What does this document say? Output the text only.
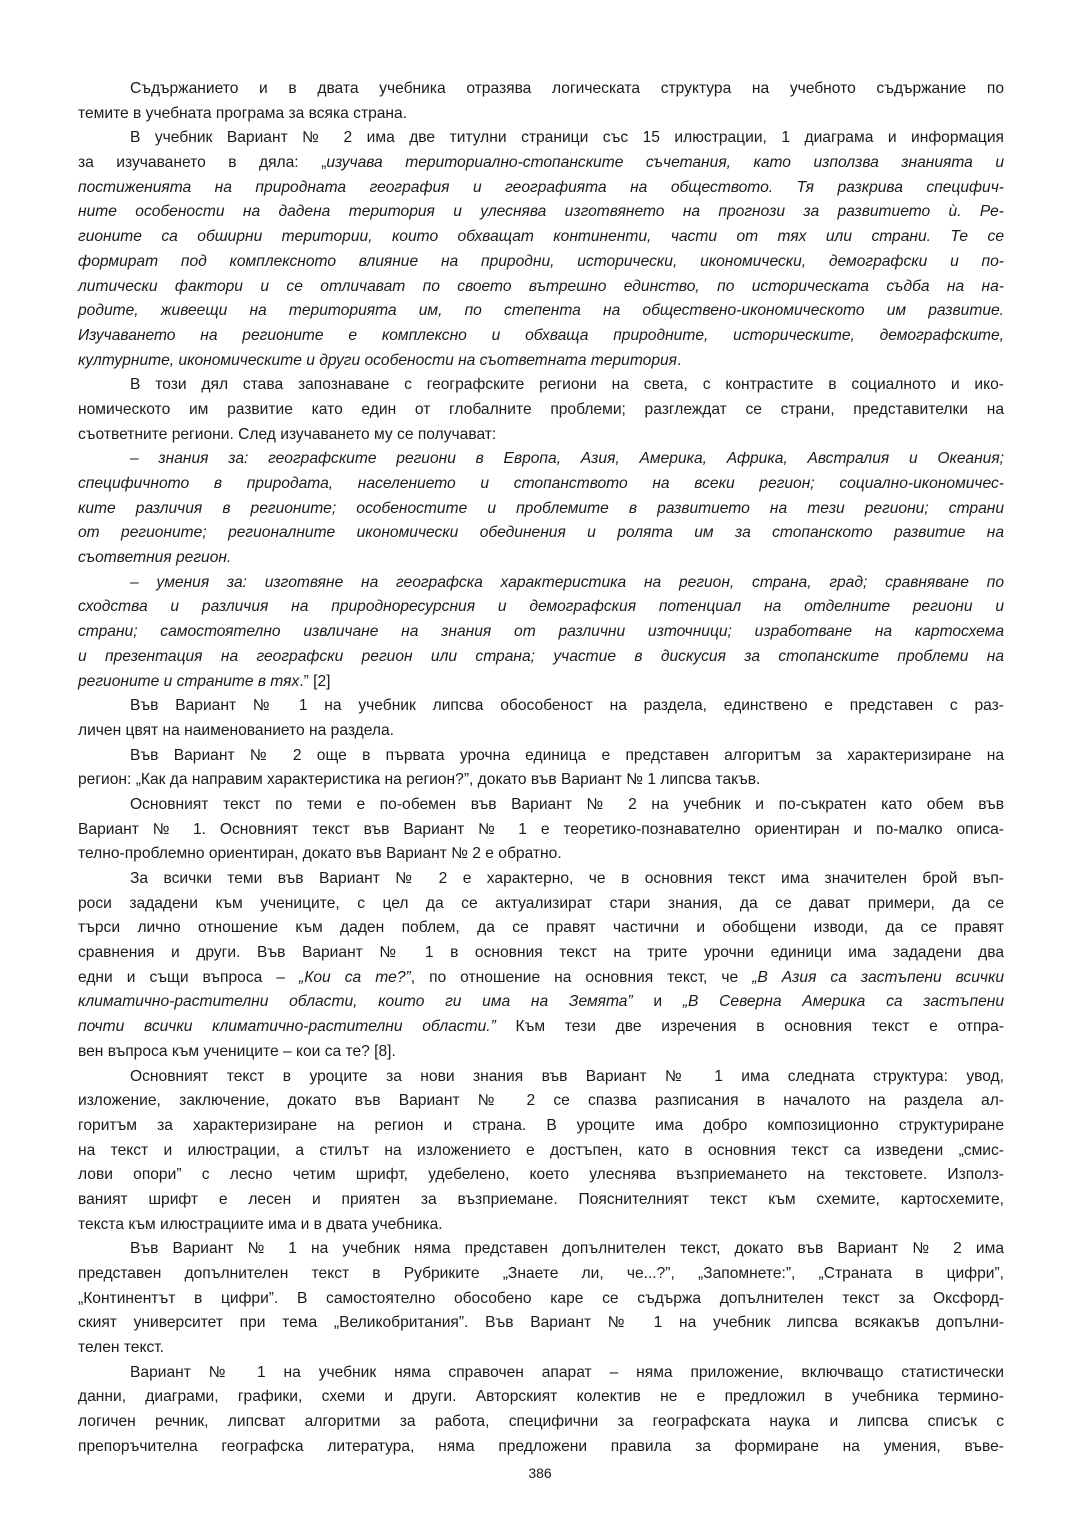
Съдържанието и в двата учебника отразява логическата структура на учебното съдържание по
темите в учебната програма за всяка страна.
В учебник Вариант № 2 има две титулни страници със 15 илюстрации, 1 диаграма и информация
за изучаването в дяла: „изучава териториално-стопанските съчетания, като използва знанията и
постиженията на природната география и географията на обществото. Тя разкрива специфич-
ните особености на дадена територия и улеснява изготвянето на прогнози за развитието ѝ. Ре-
гионите са обширни територии, които обхващат континенти, части от тях или страни. Те се
формират под комплексното влияние на природни, исторически, икономически, демографски и по-
литически фактори и се отличават по своето вътрешно единство, по историческата съдба на на-
родите, живеещи на територията им, по степента на обществено-икономическото им развитие.
Изучаването на регионите е комплексно и обхваща природните, историческите, демографските,
културните, икономическите и други особености на съответната територия.
В този дял става запознаване с географските региони на света, с контрастите в социалното и ико-
номическото им развитие като един от глобалните проблеми; разглеждат се страни, представителки на
съответните региони. След изучаването му се получават:
– знания за: географските региони в Европа, Азия, Америка, Африка, Австралия и Океания;
специфичното в природата, населението и стопанството на всеки регион; социално-икономичес-
ките различия в регионите; особеностите и проблемите в развитието на тези региони; страни
от регионите; регионалните икономически обединения и ролята им за стопанското развитие на
съответния регион.
– умения за: изготвяне на географска характеристика на регион, страна, град; сравняване по
сходства и различия на природноресурсния и демографския потенциал на отделните региони и
страни; самостоятелно извличане на знания от различни източници; изработване на картосхема
и презентация на географски регион или страна; участие в дискусия за стопанските проблеми на
регионите и страните в тях.” [2]
Във Вариант № 1 на учебник липсва обособеност на раздела, единствено е представен с раз-
личен цвят на наименованието на раздела.
Във Вариант № 2 още в първата урочна единица е представен алгоритъм за характеризиране на
регион: „Как да направим характеристика на регион?”, докато във Вариант № 1 липсва такъв.
Основният текст по теми е по-обемен във Вариант № 2 на учебник и по-съкратен като обем във
Вариант № 1. Основният текст във Вариант № 1 е теоретико-познавателно ориентиран и по-малко описа-
телно-проблемно ориентиран, докато във Вариант № 2 е обратно.
За всички теми във Вариант № 2 е характерно, че в основния текст има значителен брой въп-
роси зададени към учениците, с цел да се актуализират стари знания, да се дават примери, да се
търси лично отношение към даден поблем, да се правят частични и обобщени изводи, да се правят
сравнения и други. Във Вариант № 1 в основния текст на трите урочни единици има зададени два
едни и същи въпроса – „Кои са те?”, по отношение на основния текст, че „В Азия са застъпени всички
климатично-растителни области, които ги има на Земята” и „В Северна Америка са застъпени
почти всички климатично-растителни области.” Към тези две изречения в основния текст е отпра-
вен въпроса към учениците – кои са те? [8].
Основният текст в уроците за нови знания във Вариант № 1 има следната структура: увод,
изложение, заключение, докато във Вариант № 2 се спазва разписания в началото на раздела ал-
горитъм за характеризиране на регион и страна. В уроците има добро композиционно структуриране
на текст и илюстрации, а стилът на изложението е достъпен, като в основния текст са изведени „смис-
лови опори” с лесно четим шрифт, удебелено, което улеснява възприемането на текстовете. Използ-
ваният шрифт е лесен и приятен за възприемане. Пояснителният текст към схемите, картосхемите,
текста към илюстрациите има и в двата учебника.
Във Вариант № 1 на учебник няма представен допълнителен текст, докато във Вариант № 2 има
представен допълнителен текст в Рубриките „Знаете ли, че...?”, „Запомнете:”, „Страната в цифри”,
„Континентът в цифри”. В самостоятелно обособено каре се съдържа допълнителен текст за Оксфорд-
ският университет при тема „Великобритания”. Във Вариант № 1 на учебник липсва всякакъв допълни-
телен текст.
Вариант № 1 на учебник няма справочен апарат – няма приложение, включващо статистически
данни, диаграми, графики, схеми и други. Авторският колектив не е предложил в учебника термино-
логичен речник, липсват алгоритми за работа, специфични за географската наука и липсва списък с
препоръчителна географска литература, няма предложени правила за формиране на умения, въве-
386
